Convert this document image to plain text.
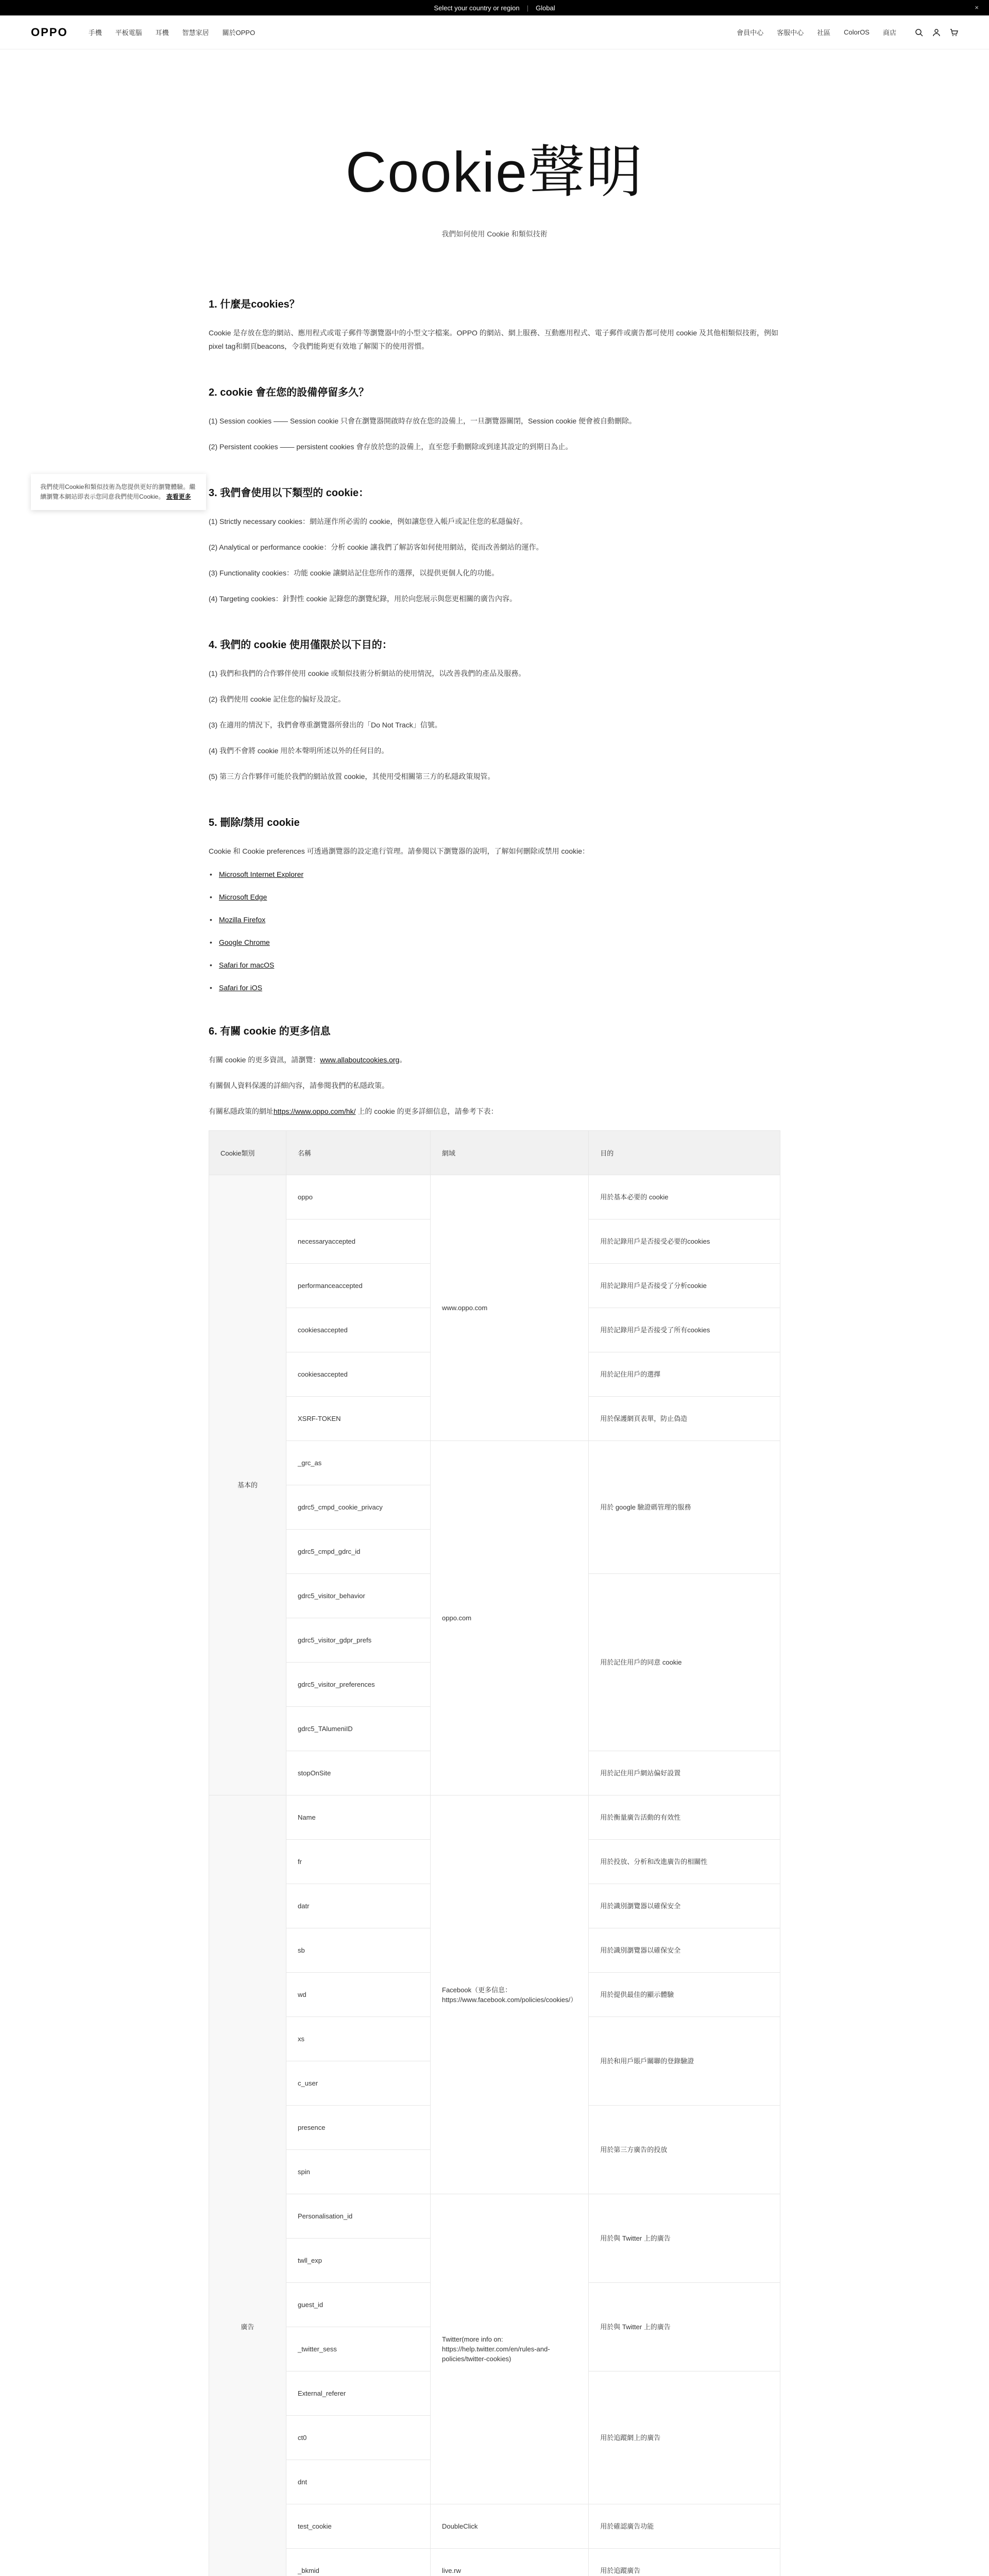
Select your country or region | Global	×
OPPO	手機 平板電腦 耳機 智慧家居 關於OPPO	會員中心 客服中心 社區 ColorOS 商店
Cookie聲明

我們如何使用 Cookie 和類似技術

1. 什麼是cookies？

Cookie 是存放在您的網站、應用程式或電子郵件等瀏覽器中的小型文字檔案。OPPO 的網站、網上服務、互動應用程式、電子郵件或廣告都可使用 cookie 及其他相類似技術，例如 pixel tag和網頁beacons，令我們能夠更有效地了解閣下的使用習慣。

2. cookie 會在您的設備停留多久？

(1) Session cookies —— Session cookie 只會在瀏覽器開啟時存放在您的設備上，一旦瀏覽器關閉，Session cookie 便會被自動刪除。

(2) Persistent cookies —— persistent cookies 會存放於您的設備上，直至您手動刪除或到達其設定的到期日為止。

3. 我們會使用以下類型的 cookie：

(1) Strictly necessary cookies：網站運作所必需的 cookie，例如讓您登入帳戶或記住您的私隱偏好。

(2) Analytical or performance cookie：分析 cookie 讓我們了解訪客如何使用網站，從而改善網站的運作。

(3) Functionality cookies：功能 cookie 讓網站記住您所作的選擇，以提供更個人化的功能。

(4) Targeting cookies：針對性 cookie 記錄您的瀏覽紀錄，用於向您展示與您更相關的廣告內容。

4. 我們的 cookie 使用僅限於以下目的：

(1) 我們和我們的合作夥伴使用 cookie 或類似技術分析網站的使用情況，以改善我們的產品及服務。

(2) 我們使用 cookie 記住您的偏好及設定。

(3) 在適用的情況下，我們會尊重瀏覽器所發出的「Do Not Track」信號。

(4) 我們不會將 cookie 用於本聲明所述以外的任何目的。

(5) 第三方合作夥伴可能於我們的網站放置 cookie，其使用受相關第三方的私隱政策規管。

5. 刪除/禁用 cookie

Cookie 和 Cookie preferences 可透過瀏覽器的設定進行管理。請參閱以下瀏覽器的說明，了解如何刪除或禁用 cookie：

• Microsoft Internet Explorer
• Microsoft Edge
• Mozilla Firefox
• Google Chrome
• Safari for macOS
• Safari for iOS
6. 有關 cookie 的更多信息

有關 cookie 的更多資訊，請瀏覽：www.allaboutcookies.org。

有關個人資料保護的詳細內容，請參閱我們的私隱政策。

有關私隱政策的網址https://www.oppo.com/hk/ 上的 cookie 的更多詳細信息，請參考下表：

Cookie類別	名稱	網域	目的
基本的	oppo	www.oppo.com	用於基本必要的 cookie
	necessaryaccepted		用於記錄用戶是否接受必要的cookies
	performanceaccepted		用於記錄用戶是否接受了分析cookie
	cookiesaccepted		用於記錄用戶是否接受了所有cookies
	cookiesaccepted		用於記住用戶的選擇
	XSRF-TOKEN		用於保護網頁表單，防止偽造
	_grc_as	oppo.com	用於 google 驗證碼管理的服務
	gdrc5_cmpd_cookie_privacy		
	gdrc5_cmpd_gdrc_id		
	gdrc5_visitor_behavior		用於記住用戶的同意 cookie
	gdrc5_visitor_gdpr_prefs		
	gdrc5_visitor_preferences		
	gdrc5_TAlumeniID		
	stopOnSite		用於記住用戶網站偏好設置
廣告	Name	Facebook（更多信息：https://www.facebook.com/policies/cookies/）	用於衡量廣告活動的有效性
	fr		用於投放、分析和改進廣告的相關性
	datr		用於識別瀏覽器以確保安全
	sb		用於識別瀏覽器以確保安全
	wd		用於提供最佳的顯示體驗
	xs		用於和用戶賬戶關聯的登錄驗證
	c_user		
	presence		用於第三方廣告的投放
	spin		
	Personalisation_id	Twitter(more info on: https://help.twitter.com/en/rules-and-policies/twitter-cookies)	用於與 Twitter 上的廣告
	twll_exp		
	guest_id		用於與 Twitter 上的廣告
	_twitter_sess		
	External_referer		用於追蹤網上的廣告
	ct0		
	dnt		
	test_cookie	DoubleClick	用於確認廣告功能
	_bkmid	live.rw	用於追蹤廣告

我們使用Cookie和類似技術為您提供更好的瀏覽體驗。繼續瀏覽本網站即表示您同意我們使用Cookie。 查看更多
